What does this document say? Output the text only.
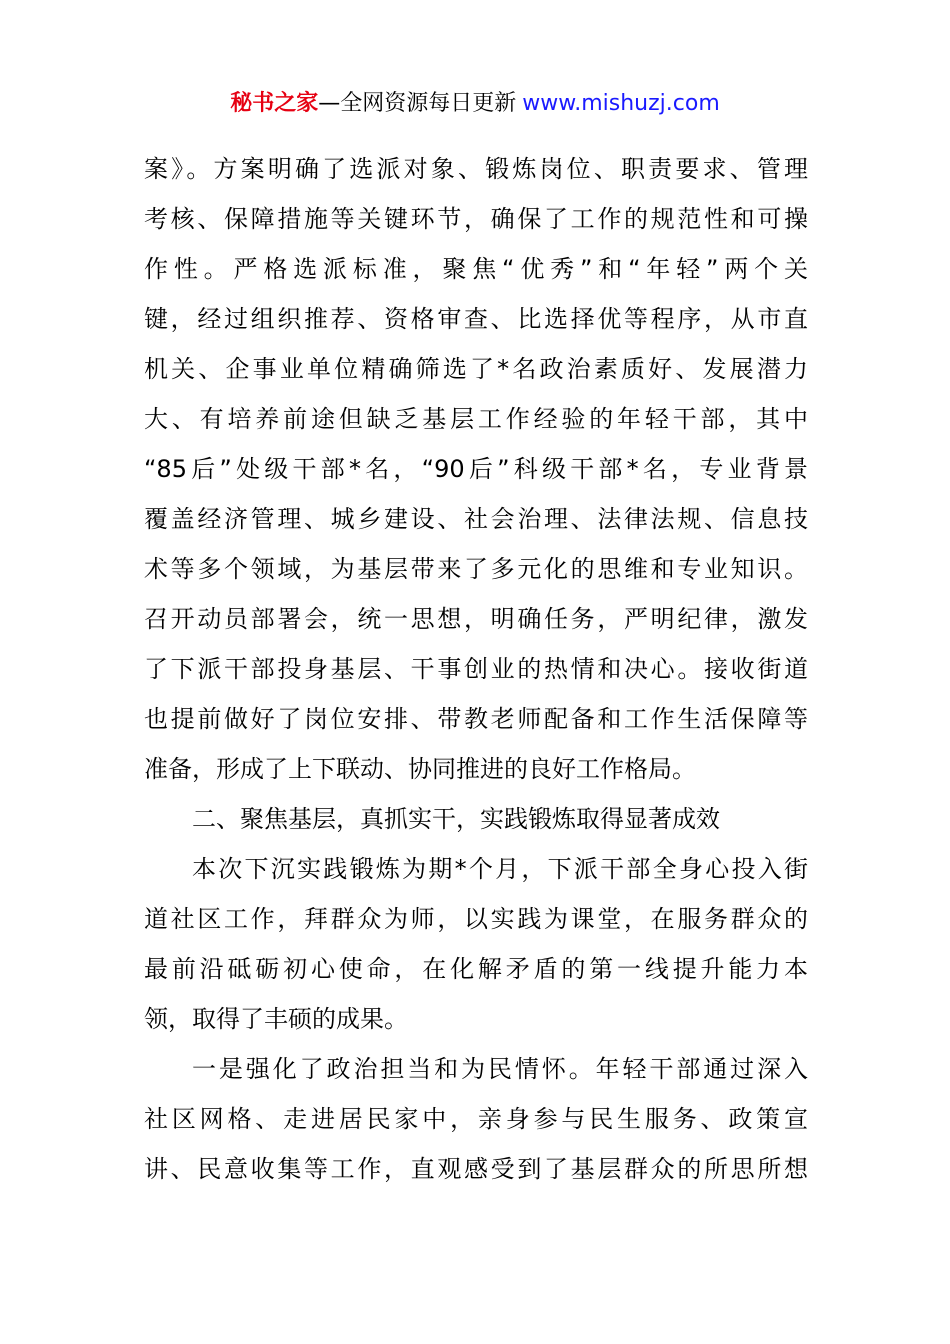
秘书之家—全网资源每日更新 www.mishuzj.com
案》。方案明确了选派对象、锻炼岗位、职责要求、管理
考核、保障措施等关键环节，确保了工作的规范性和可操
作性。严格选派标准，聚焦“优秀”和“年轻”两个关
键，经过组织推荐、资格审查、比选择优等程序，从市直
机关、企事业单位精确筛选了*名政治素质好、发展潜力
大、有培养前途但缺乏基层工作经验的年轻干部，其中
“85后”处级干部*名，“90后”科级干部*名，专业背景
覆盖经济管理、城乡建设、社会治理、法律法规、信息技
术等多个领域，为基层带来了多元化的思维和专业知识。
召开动员部署会，统一思想，明确任务，严明纪律，激发
了下派干部投身基层、干事创业的热情和决心。接收街道
也提前做好了岗位安排、带教老师配备和工作生活保障等
准备，形成了上下联动、协同推进的良好工作格局。
二、聚焦基层，真抓实干，实践锻炼取得显著成效
本次下沉实践锻炼为期*个月，下派干部全身心投入街
道社区工作，拜群众为师，以实践为课堂，在服务群众的
最前沿砥砺初心使命，在化解矛盾的第一线提升能力本
领，取得了丰硕的成果。
一是强化了政治担当和为民情怀。年轻干部通过深入
社区网格、走进居民家中，亲身参与民生服务、政策宣
讲、民意收集等工作，直观感受到了基层群众的所思所想
